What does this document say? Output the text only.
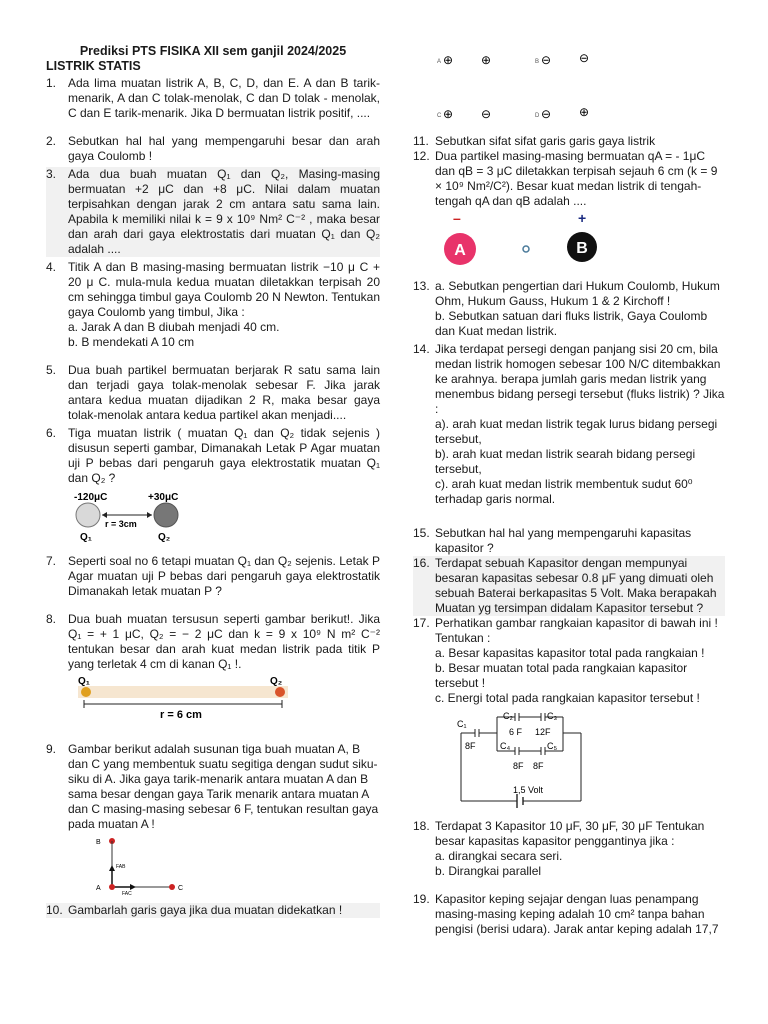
Prediksi PTS FISIKA XII sem ganjil 2024/2025
LISTRIK STATIS
1. Ada lima muatan listrik A, B, C, D, dan E. A dan B tarik-menarik, A dan C tolak-menolak, C dan D tolak - menolak, C dan E tarik-menarik. Jika D bermuatan listrik positif, ....
2. Sebutkan hal hal yang mempengaruhi besar dan arah gaya Coulomb !
3. Ada dua buah muatan Q₁ dan Q₂, Masing-masing bermuatan +2 μC dan +8 μC. Nilai dalam muatan terpisahkan dengan jarak 2 cm antara satu sama lain. Apabila k memiliki nilai k = 9 x 10⁹ Nm² C⁻² , maka besar dan arah dari gaya elektrostatis dari muatan Q₁ dan Q₂ adalah ....
4. Titik A dan B masing-masing bermuatan listrik −10 μ C + 20 μ C. mula-mula kedua muatan diletakkan terpisah 20 cm sehingga timbul gaya Coulomb 20 N Newton. Tentukan gaya Coulomb yang timbul, Jika :
a. Jarak A dan B diubah menjadi 40 cm.
b. B mendekati A 10 cm
5. Dua buah partikel bermuatan berjarak R satu sama lain dan terjadi gaya tolak-menolak sebesar F. Jika jarak antara kedua muatan dijadikan 2 R, maka besar gaya tolak-menolak antara kedua partikel akan menjadi....
6. Tiga muatan listrik ( muatan Q₁ dan Q₂ tidak sejenis ) disusun seperti gambar, Dimanakah Letak P Agar muatan uji P bebas dari pengaruh gaya elektrostatik muatan Q₁ dan Q₂ ?
-120μC	+30μC
r = 3cm
Q₁	Q₂
7. Seperti soal no 6 tetapi muatan Q₁ dan Q₂ sejenis. Letak P Agar muatan uji P bebas dari pengaruh gaya elektrostatik Dimanakah letak muatan P ?
8. Dua buah muatan tersusun seperti gambar berikut!. Jika Q₁ = + 1 μC, Q₂ = − 2 μC dan k = 9 x 10⁹ N m² C⁻² tentukan besar dan arah kuat medan listrik pada titik P yang terletak 4 cm di kanan Q₁ !.
Q₁	Q₂
r = 6 cm
9. Gambar berikut adalah susunan tiga buah muatan A, B dan C yang membentuk suatu segitiga dengan sudut siku-siku di A. Jika gaya tarik-menarik antara muatan A dan B sama besar dengan gaya Tarik menarik antara muatan A dan C masing-masing sebesar 6 F, tentukan resultan gaya pada muatan A !
B
FAB
FAC
A	C
10. Gambarlah garis gaya jika dua muatan didekatkan !
A ⊕ ⊕	B ⊖ ⊖
C ⊕ ⊖	D ⊖ ⊕
11. Sebutkan sifat sifat garis garis gaya listrik
12. Dua partikel masing-masing bermuatan qA = - 1μC dan qB = 3 μC diletakkan terpisah sejauh 6 cm (k = 9 × 10⁹ Nm²/C²). Besar kuat medan listrik di tengah-tengah qA dan qB adalah ....
–	+
A	B
13. a. Sebutkan pengertian dari Hukum Coulomb, Hukum Ohm, Hukum Gauss, Hukum 1 & 2 Kirchoff !
b. Sebutkan satuan dari fluks listrik, Gaya Coulomb dan Kuat medan listrik.
14. Jika terdapat persegi dengan panjang sisi 20 cm, bila medan listrik homogen sebesar 100 N/C ditembakkan ke arahnya. berapa jumlah garis medan listrik yang menembus bidang persegi tersebut (fluks listrik) ? Jika :
a). arah kuat medan listrik tegak lurus bidang persegi tersebut,
b). arah kuat medan listrik searah bidang persegi tersebut,
c). arah kuat medan listrik membentuk sudut 60⁰ terhadap garis normal.
15. Sebutkan hal hal yang mempengaruhi kapasitas kapasitor ?
16. Terdapat sebuah Kapasitor dengan mempunyai besaran kapasitas sebesar 0.8 μF yang dimuati oleh sebuah Baterai berkapasitas 5 Volt. Maka berapakah Muatan yg tersimpan didalam Kapasitor tersebut ?
17. Perhatikan gambar rangkaian kapasitor di bawah ini ! Tentukan :
a. Besar kapasitas kapasitor total pada rangkaian !
b. Besar muatan total pada rangkaian kapasitor tersebut !
c. Energi total pada rangkaian kapasitor tersebut !
C₁
8F
C₂	C₃
6 F 12F
C₄	C₅
8F 8F
1,5 Volt
18. Terdapat 3 Kapasitor 10 μF, 30 μF, 30 μF Tentukan besar kapasitas kapasitor penggantinya jika :
a. dirangkai secara seri.
b. Dirangkai parallel
19. Kapasitor keping sejajar dengan luas penampang masing-masing keping adalah 10 cm² tanpa bahan pengisi (berisi udara). Jarak antar keping adalah 17,7
